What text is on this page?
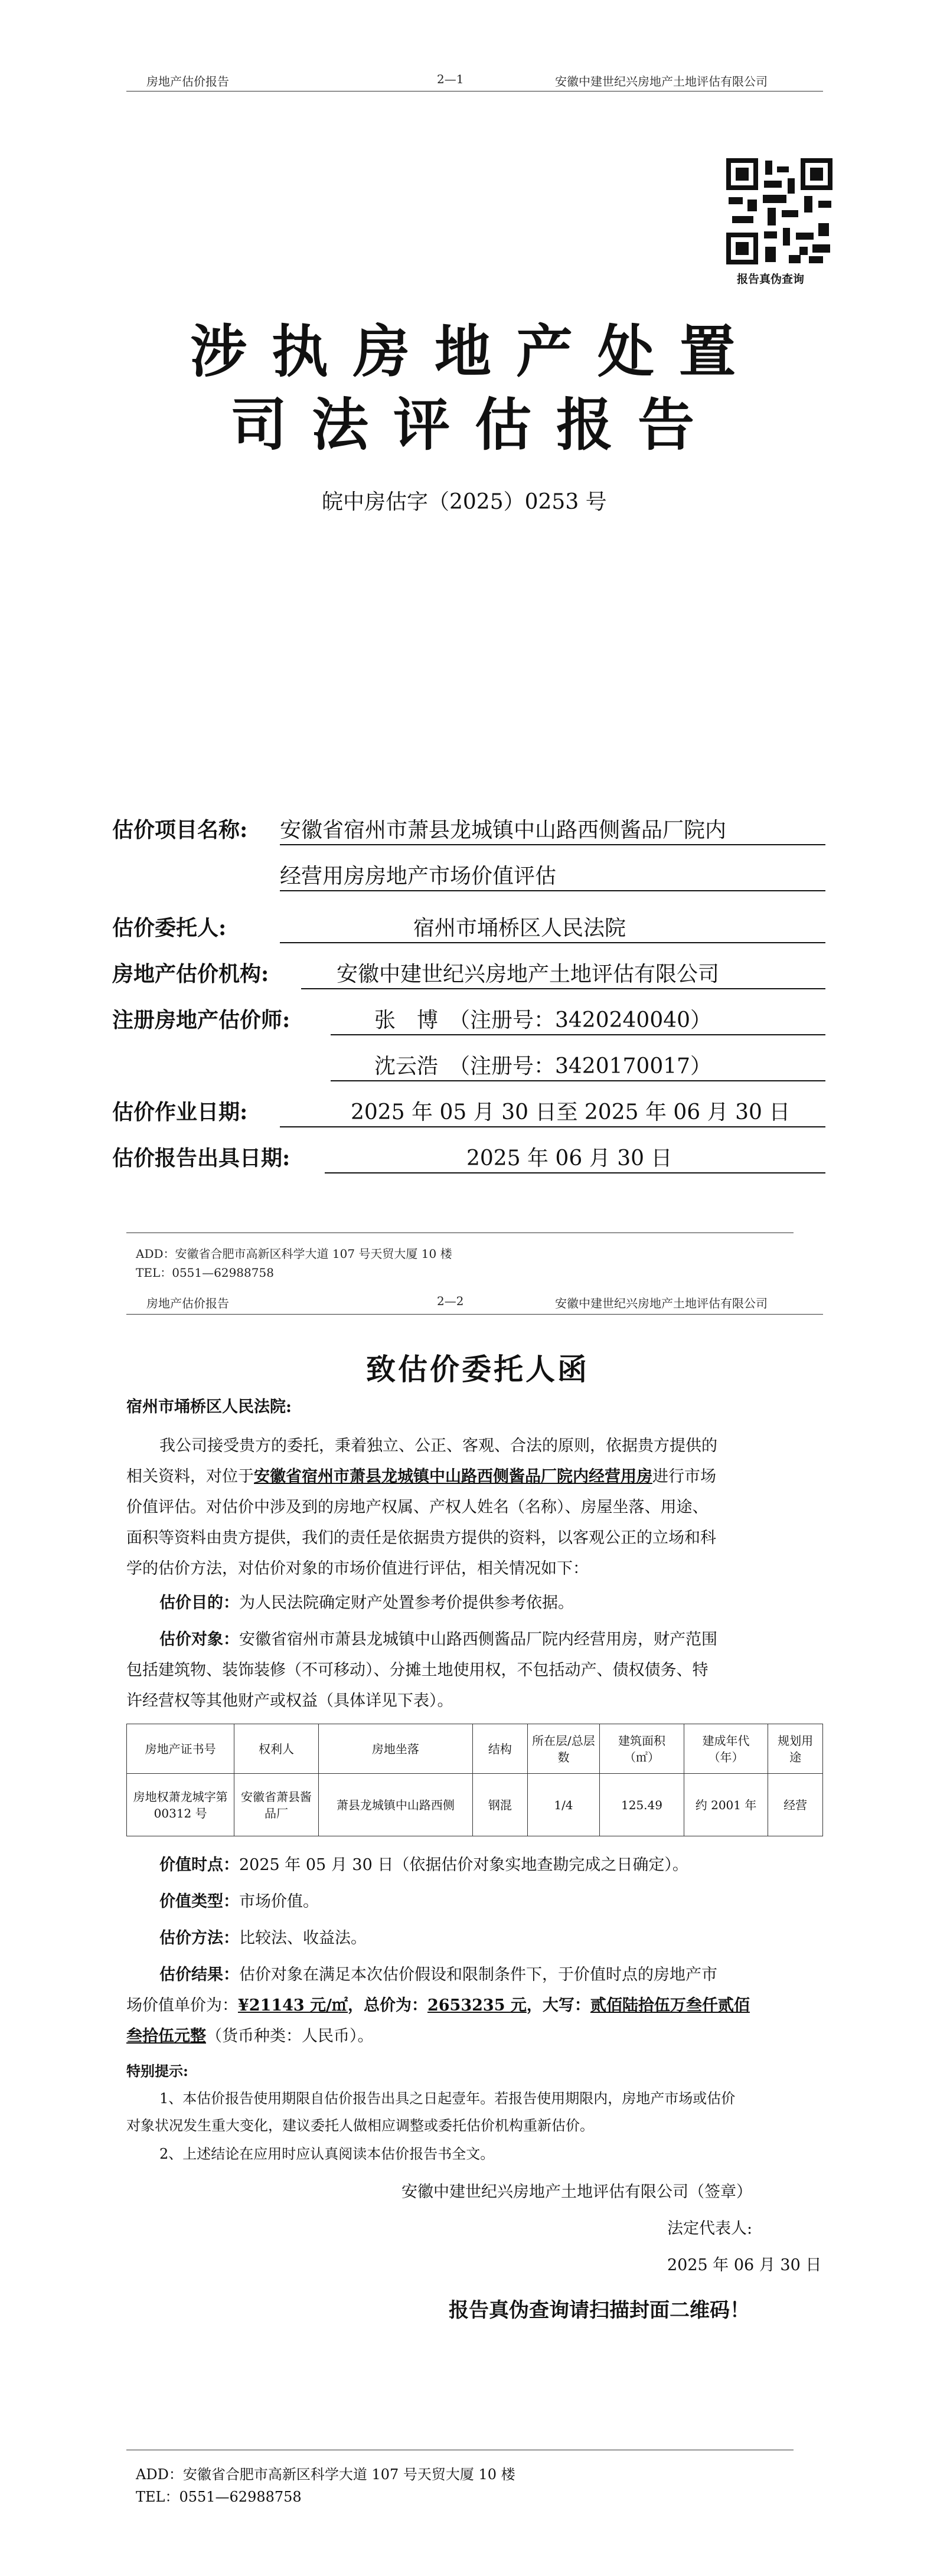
房地产估价报告	2—1	安徽中建世纪兴房地产土地评估有限公司
报告真伪查询
涉执房地产处置
司法评估报告
皖中房估字（2025）0253 号
估价项目名称: 安徽省宿州市萧县龙城镇中山路西侧酱品厂院内
经营用房房地产市场价值评估
估价委托人:	宿州市埇桥区人民法院
房地产估价机构:	安徽中建世纪兴房地产土地评估有限公司
注册房地产估价师:	张　博　（注册号：3420240040）
沈云浩　（注册号：3420170017）
估价作业日期:	2025 年 05 月 30 日至 2025 年 06 月 30 日
估价报告出具日期:	2025 年 06 月 30 日
ADD：安徽省合肥市高新区科学大道 107 号天贸大厦 10 楼
TEL：0551—62988758
房地产估价报告	2—2	安徽中建世纪兴房地产土地评估有限公司
致估价委托人函
宿州市埇桥区人民法院:
我公司接受贵方的委托，秉着独立、公正、客观、合法的原则，依据贵方提供的
相关资料，对位于安徽省宿州市萧县龙城镇中山路西侧酱品厂院内经营用房进行市场
价值评估。对估价中涉及到的房地产权属、产权人姓名（名称）、房屋坐落、用途、
面积等资料由贵方提供，我们的责任是依据贵方提供的资料，以客观公正的立场和科
学的估价方法，对估价对象的市场价值进行评估，相关情况如下：
估价目的：为人民法院确定财产处置参考价提供参考依据。
估价对象：安徽省宿州市萧县龙城镇中山路西侧酱品厂院内经营用房，财产范围
包括建筑物、装饰装修（不可移动）、分摊土地使用权，不包括动产、债权债务、特
许经营权等其他财产或权益（具体详见下表）。
房地产证书号	权利人	房地坐落	结构	所在层/总层数	建筑面积（㎡）	建成年代（年）	规划用途
房地权萧龙城字第 00312 号	安徽省萧县酱品厂	萧县龙城镇中山路西侧	钢混	1/4	125.49	约 2001 年	经营
价值时点：2025 年 05 月 30 日（依据估价对象实地查勘完成之日确定）。
价值类型：市场价值。
估价方法：比较法、收益法。
估价结果：估价对象在满足本次估价假设和限制条件下，于价值时点的房地产市
场价值单价为：¥21143 元/㎡，总价为：2653235 元，大写：贰佰陆拾伍万叁仟贰佰
叁拾伍元整（货币种类：人民币）。
特别提示:
1、本估价报告使用期限自估价报告出具之日起壹年。若报告使用期限内，房地产市场或估价
对象状况发生重大变化，建议委托人做相应调整或委托估价机构重新估价。
2、上述结论在应用时应认真阅读本估价报告书全文。
安徽中建世纪兴房地产土地评估有限公司（签章）
法定代表人:
2025 年 06 月 30 日
报告真伪查询请扫描封面二维码！
ADD：安徽省合肥市高新区科学大道 107 号天贸大厦 10 楼
TEL：0551—62988758
